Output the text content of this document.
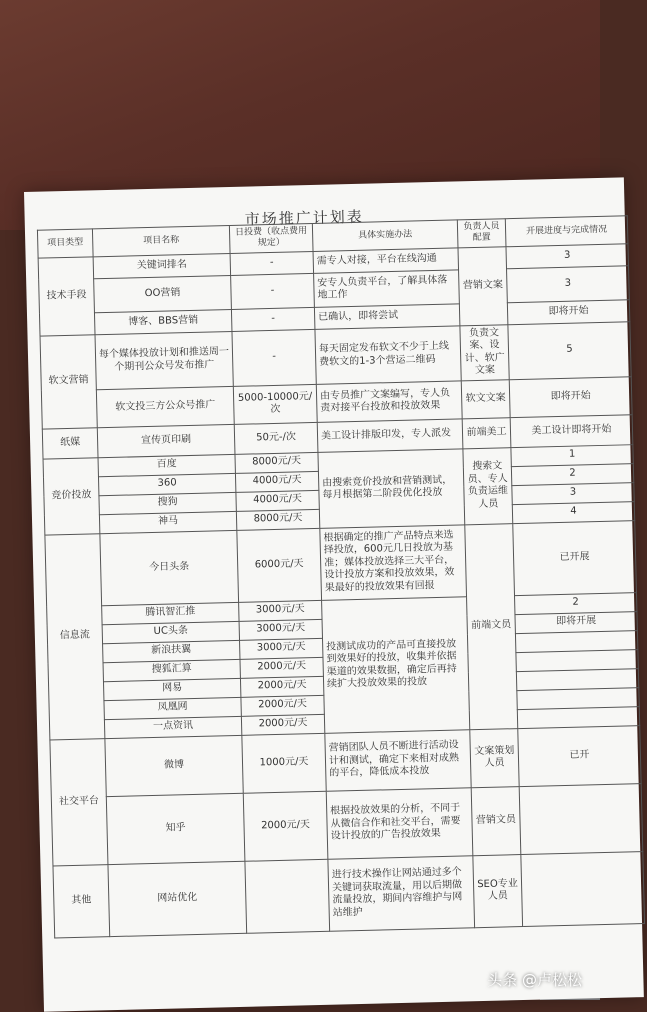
市场推广计划表
项目类型	项目名称	日投费（收点费用规定）	具体实施办法	负责人员配置	开展进度与完成情况
技术手段	关键词排名	-	需专人对接，平台在线沟通	营销文案	3
	OO营销	-	安专人负责平台，了解具体落地工作		3
	博客、BBS营销	-	已确认，即将尝试		即将开始
软文营销	每个媒体投放计划和推送周一个期刊公众号发布推广	-	每天固定发布软文不少于上线费软文的1-3个营运二维码	负责文案、设计、软广文案	5
	软文投三方公众号推广	5000-10000元/次	由专员推广文案编写，专人负责对接平台投放和投放效果	软文文案	即将开始
纸媒	宣传页印刷	50元-/次	美工设计排版印发，专人派发	前端美工	美工设计即将开始
竞价投放	百度	8000元/天	由搜索竞价投放和营销测试，每月根据第二阶段优化投放	搜索文员、专人负责运维人员	1
	360	4000元/天			2
	搜狗	4000元/天			3
	神马	8000元/天			4
信息流	今日头条	6000元/天	根据确定的推广产品特点来选择投放，600元几日投放为基准；媒体投放选择三大平台，设计投放方案和投放效果，效果最好的投放效果有回报	前端文员	已开展
	腾讯智汇推	3000元/天	投测试成功的产品可直接投放到效果好的投放，收集并依据渠道的效果数据，确定后再持续扩大投放效果的投放		2
	UC头条	3000元/天			即将开展
	新浪扶翼	3000元/天			
	搜狐汇算	2000元/天			
	网易	2000元/天			
	凤凰网	2000元/天			
	一点资讯	2000元/天			
社交平台	微博	1000元/天	营销团队人员不断进行活动设计和测试，确定下来相对成熟的平台，降低成本投放	文案策划人员	已开
	知乎	2000元/天	根据投放效果的分析，不同于从微信合作和社交平台，需要设计投放的广告投放效果	营销文员	
其他	网站优化		进行技术操作让网站通过多个关键词获取流量，用以后期做流量投放，期间内容维护与网站维护	SEO专业人员	
头条 @卢松松
